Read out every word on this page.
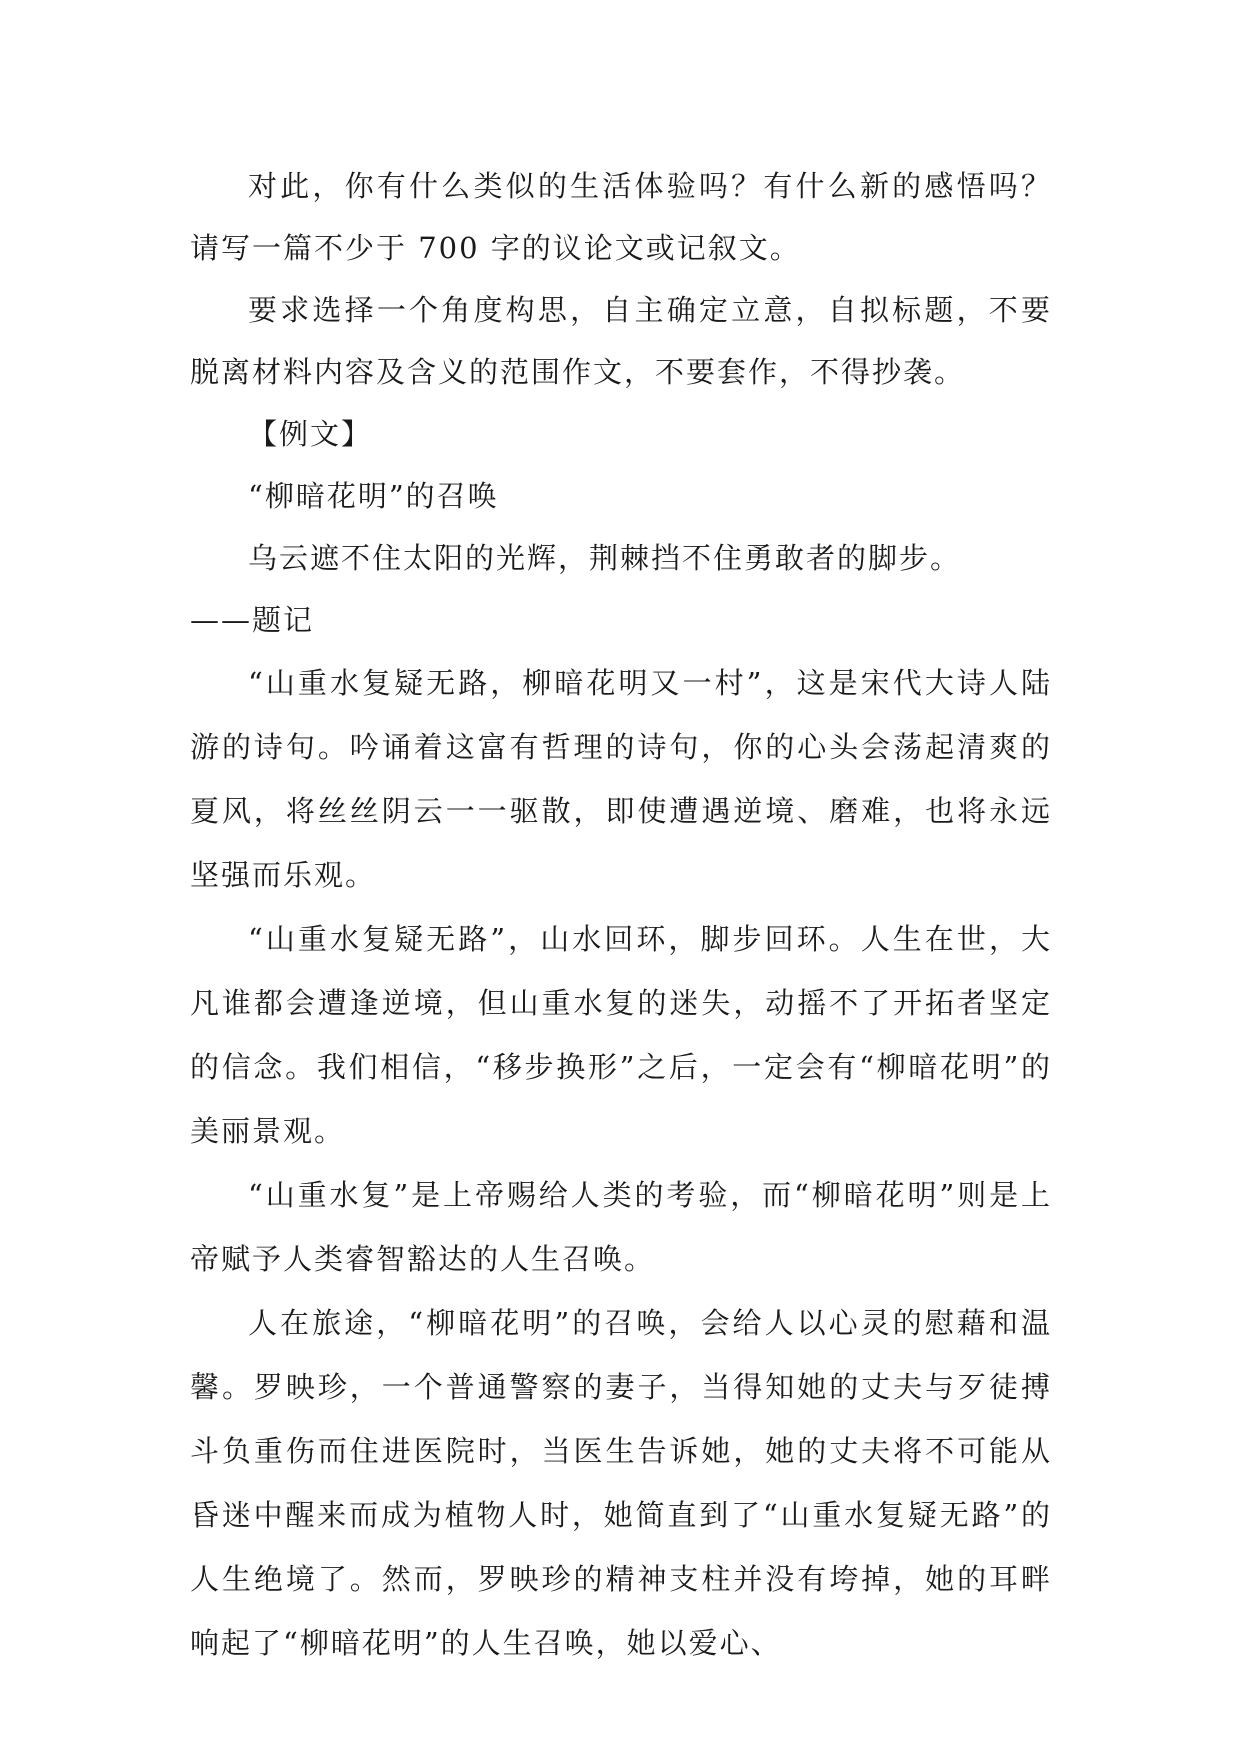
对此，你有什么类似的生活体验吗？有什么新的感悟吗？请写一篇不少于 700 字的议论文或记叙文。

要求选择一个角度构思，自主确定立意，自拟标题，不要脱离材料内容及含义的范围作文，不要套作，不得抄袭。

【例文】

“柳暗花明”的召唤

乌云遮不住太阳的光辉，荆棘挡不住勇敢者的脚步。

——题记

“山重水复疑无路，柳暗花明又一村”，这是宋代大诗人陆游的诗句。吟诵着这富有哲理的诗句，你的心头会荡起清爽的夏风，将丝丝阴云一一驱散，即使遭遇逆境、磨难，也将永远坚强而乐观。

“山重水复疑无路”，山水回环，脚步回环。人生在世，大凡谁都会遭逢逆境，但山重水复的迷失，动摇不了开拓者坚定的信念。我们相信，“移步换形”之后，一定会有“柳暗花明”的美丽景观。

“山重水复”是上帝赐给人类的考验，而“柳暗花明”则是上帝赋予人类睿智豁达的人生召唤。

人在旅途，“柳暗花明”的召唤，会给人以心灵的慰藉和温馨。罗映珍，一个普通警察的妻子，当得知她的丈夫与歹徒搏斗负重伤而住进医院时，当医生告诉她，她的丈夫将不可能从昏迷中醒来而成为植物人时，她简直到了“山重水复疑无路”的人生绝境了。然而，罗映珍的精神支柱并没有垮掉，她的耳畔响起了“柳暗花明”的人生召唤，她以爱心、
